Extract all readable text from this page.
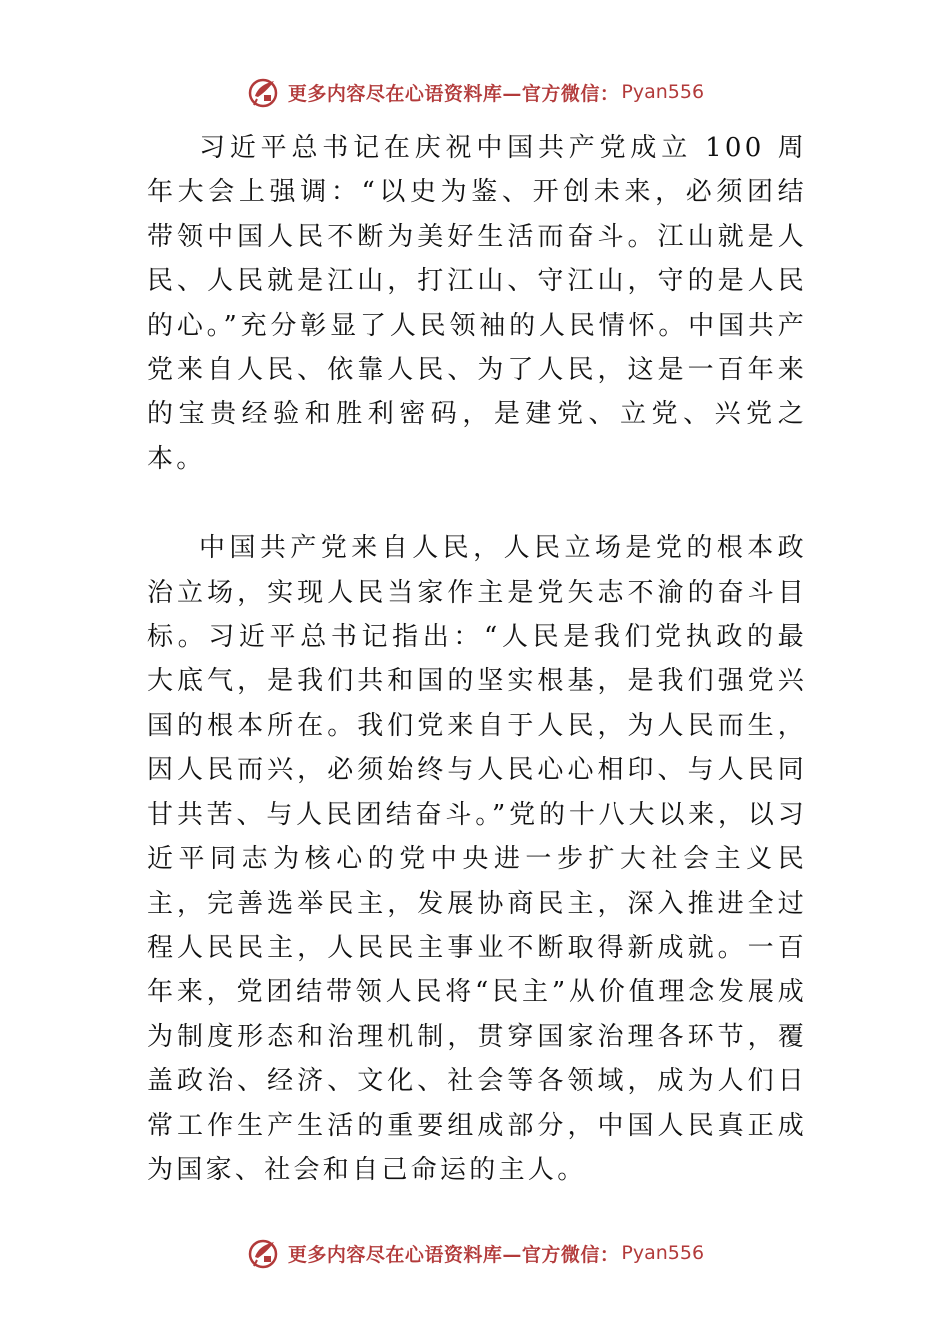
更多内容尽在心语资料库—官方微信： Pyan556

习近平总书记在庆祝中国共产党成立 100 周年大会上强调：“以史为鉴、开创未来，必须团结带领中国人民不断为美好生活而奋斗。江山就是人民、人民就是江山，打江山、守江山，守的是人民的心。”充分彰显了人民领袖的人民情怀。中国共产党来自人民、依靠人民、为了人民，这是一百年来的宝贵经验和胜利密码，是建党、立党、兴党之本。

中国共产党来自人民，人民立场是党的根本政治立场，实现人民当家作主是党矢志不渝的奋斗目标。习近平总书记指出：“人民是我们党执政的最大底气，是我们共和国的坚实根基，是我们强党兴国的根本所在。我们党来自于人民，为人民而生，因人民而兴，必须始终与人民心心相印、与人民同甘共苦、与人民团结奋斗。”党的十八大以来，以习近平同志为核心的党中央进一步扩大社会主义民主，完善选举民主，发展协商民主，深入推进全过程人民民主，人民民主事业不断取得新成就。一百年来，党团结带领人民将“民主”从价值理念发展成为制度形态和治理机制，贯穿国家治理各环节，覆盖政治、经济、文化、社会等各领域，成为人们日常工作生产生活的重要组成部分，中国人民真正成为国家、社会和自己命运的主人。

更多内容尽在心语资料库—官方微信： Pyan556
